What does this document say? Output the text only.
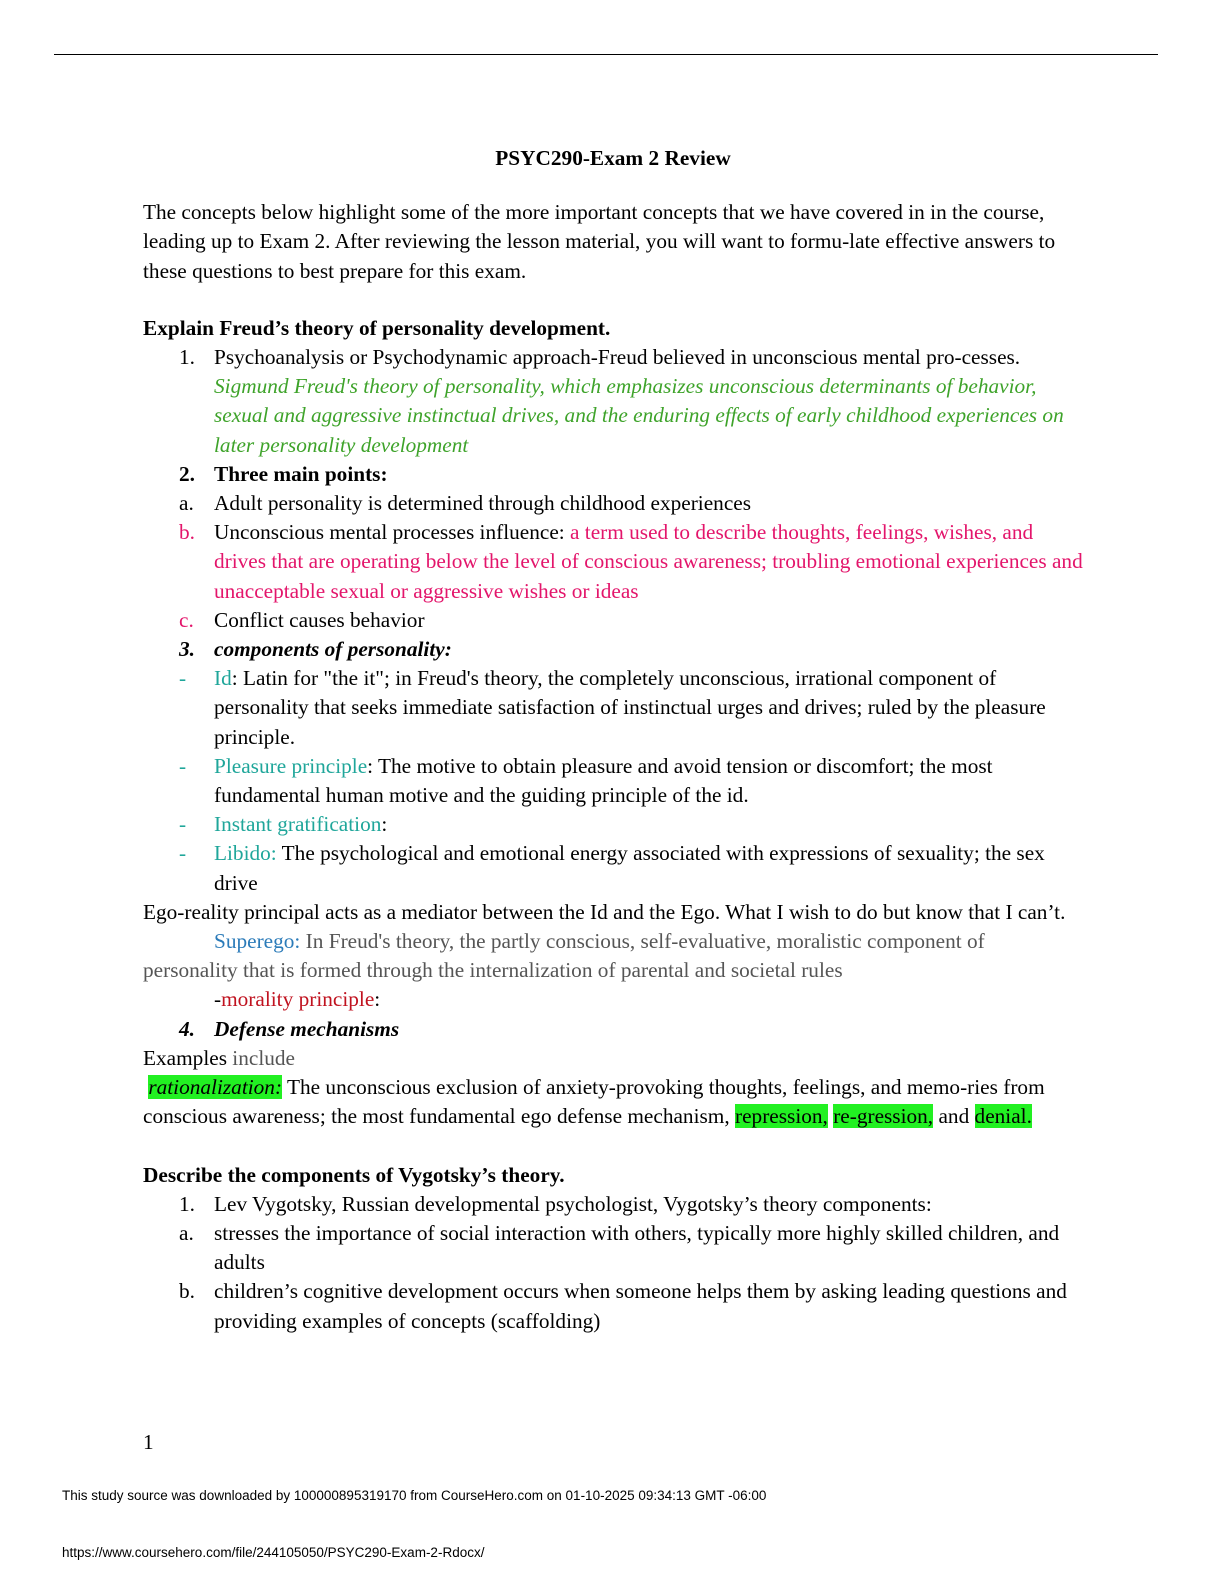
PSYC290-Exam 2 Review

The concepts below highlight some of the more important concepts that we have covered in in the course, leading up to Exam 2. After reviewing the lesson material, you will want to formu-late effective answers to these questions to best prepare for this exam.

Explain Freud’s theory of personality development.

1. Psychoanalysis or Psychodynamic approach-Freud believed in unconscious mental pro-cesses.
Sigmund Freud's theory of personality, which emphasizes unconscious determinants of behavior, sexual and aggressive instinctual drives, and the enduring effects of early childhood experiences on later personality development
2. Three main points:
a. Adult personality is determined through childhood experiences
b. Unconscious mental processes influence: a term used to describe thoughts, feelings, wishes, and drives that are operating below the level of conscious awareness; troubling emotional experiences and unacceptable sexual or aggressive wishes or ideas
c. Conflict causes behavior
3. components of personality:
- Id: Latin for "the it"; in Freud's theory, the completely unconscious, irrational component of personality that seeks immediate satisfaction of instinctual urges and drives; ruled by the pleasure principle.
- Pleasure principle: The motive to obtain pleasure and avoid tension or discomfort; the most fundamental human motive and the guiding principle of the id.
- Instant gratification:
- Libido: The psychological and emotional energy associated with expressions of sexuality; the sex drive

Ego-reality principal acts as a mediator between the Id and the Ego. What I wish to do but know that I can’t.

Superego: In Freud's theory, the partly conscious, self-evaluative, moralistic component of personality that is formed through the internalization of parental and societal rules

-morality principle:

4. Defense mechanisms

Examples include

rationalization: The unconscious exclusion of anxiety-provoking thoughts, feelings, and memo-ries from conscious awareness; the most fundamental ego defense mechanism, repression, re-gression, and denial.

Describe the components of Vygotsky’s theory.

1. Lev Vygotsky, Russian developmental psychologist, Vygotsky’s theory components:
a. stresses the importance of social interaction with others, typically more highly skilled children, and adults
b. children’s cognitive development occurs when someone helps them by asking leading questions and providing examples of concepts (scaffolding)
1
This study source was downloaded by 100000895319170 from CourseHero.com on 01-10-2025 09:34:13 GMT -06:00
https://www.coursehero.com/file/244105050/PSYC290-Exam-2-Rdocx/
